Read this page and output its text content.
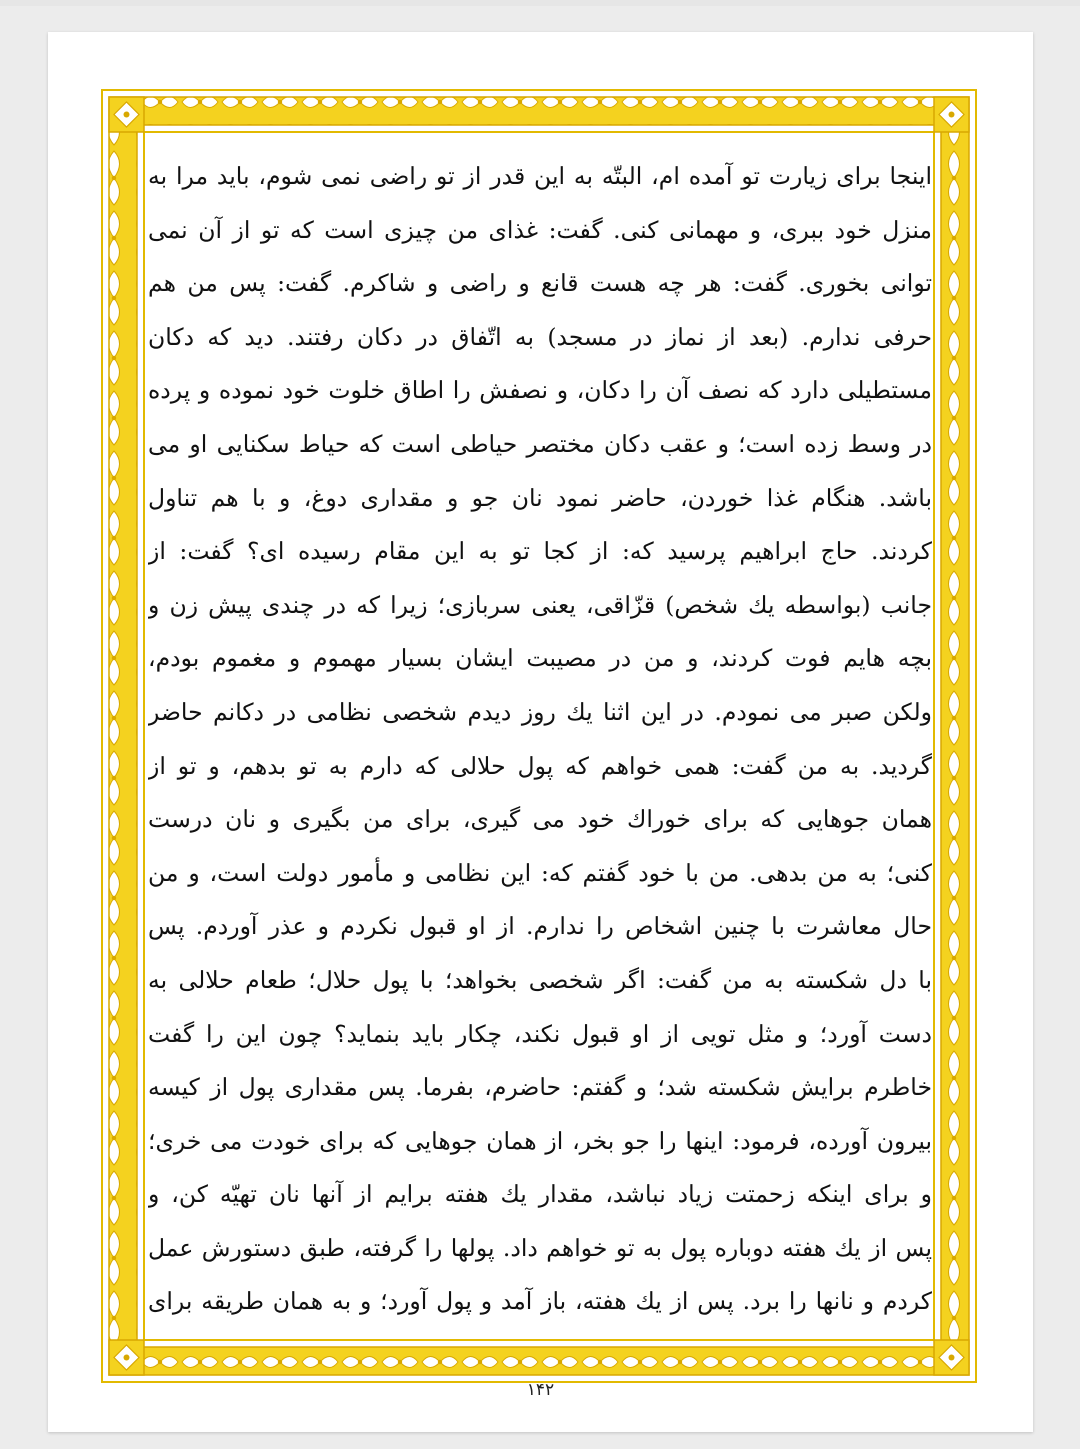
اینجا برای زیارت تو آمده ام، البتّه به این قدر از تو راضی نمی شوم، باید مرا به
منزل خود ببری، و مهمانی کنی. گفت: غذای من چیزی است که تو از آن نمی
توانی بخوری. گفت: هر چه هست قانع و راضی و شاکرم. گفت: پس من هم
حرفی ندارم. (بعد از نماز در مسجد) به اتّفاق در دکان رفتند. دید که دکان
مستطیلی دارد که نصف آن را دکان، و نصفش را اطاق خلوت خود نموده و پرده
در وسط زده است؛ و عقب دکان مختصر حیاطی است که حیاط سکنایی او می
باشد. هنگام غذا خوردن، حاضر نمود نان جو و مقداری دوغ، و با هم تناول
کردند. حاج ابراهیم پرسید که: از کجا تو به این مقام رسیده ای؟ گفت: از
جانب (بواسطه یك شخص) قزّاقی، یعنی سربازی؛ زیرا که در چندی پیش زن و
بچه هایم فوت کردند، و من در مصیبت ایشان بسیار مهموم و مغموم بودم،
ولکن صبر می نمودم. در این اثنا یك روز دیدم شخصی نظامی در دکانم حاضر
گردید. به من گفت: همی خواهم که پول حلالی که دارم به تو بدهم، و تو از
همان جوهایی که برای خوراك خود می گیری، برای من بگیری و نان درست
کنی؛ به من بدهی. من با خود گفتم که: این نظامی و مأمور دولت است، و من
حال معاشرت با چنین اشخاص را ندارم. از او قبول نکردم و عذر آوردم. پس
با دل شکسته به من گفت: اگر شخصی بخواهد؛ با پول حلال؛ طعام حلالی به
دست آورد؛ و مثل تویی از او قبول نکند، چکار باید بنماید؟ چون این را گفت
خاطرم برایش شکسته شد؛ و گفتم: حاضرم، بفرما. پس مقداری پول از کیسه
بیرون آورده، فرمود: اینها را جو بخر، از همان جوهایی که برای خودت می خری؛
و برای اینکه زحمتت زیاد نباشد، مقدار یك هفته برایم از آنها نان تهیّه کن، و
پس از یك هفته دوباره پول به تو خواهم داد. پولها را گرفته، طبق دستورش عمل
کردم و نانها را برد. پس از یك هفته، باز آمد و پول آورد؛ و به همان طریقه برای
۱۴۲
